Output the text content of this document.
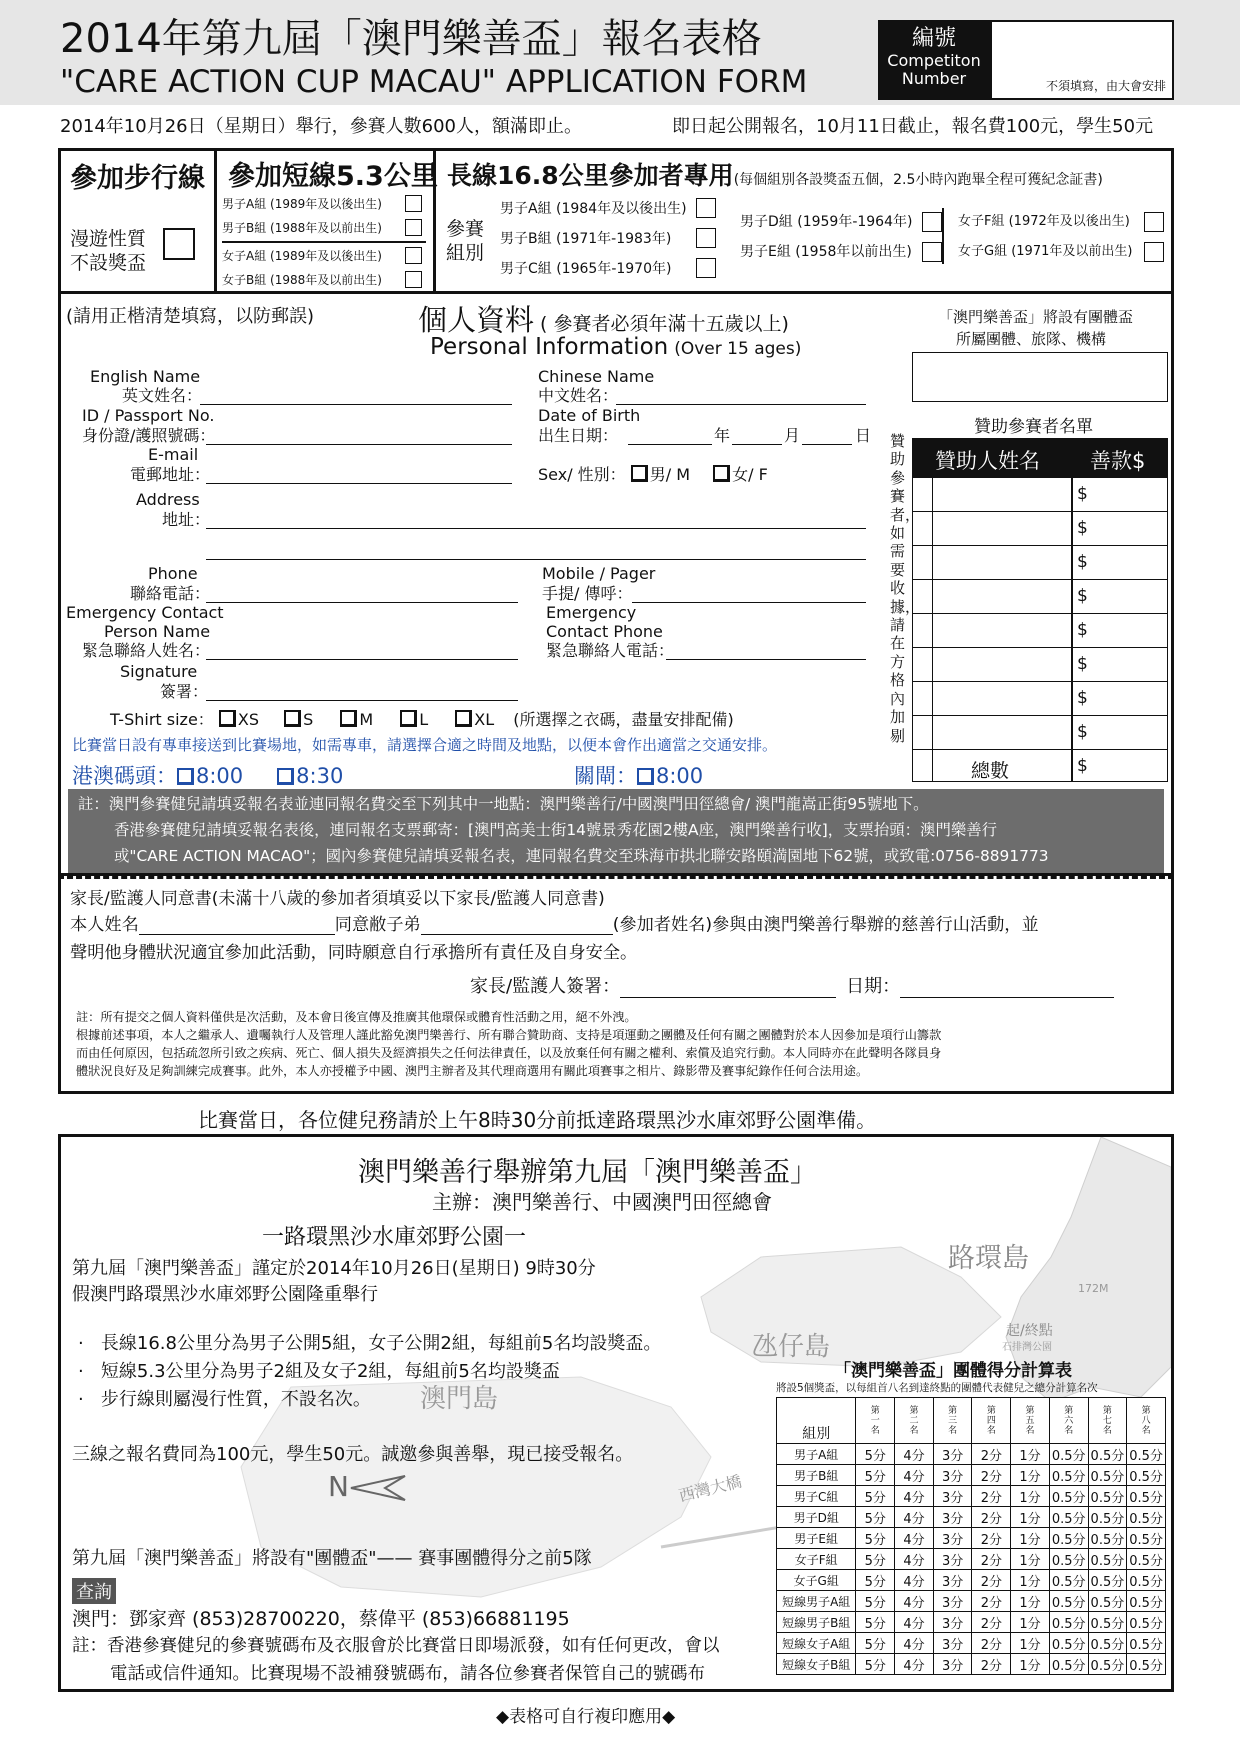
2014年第九屆「澳門樂善盃」報名表格
"CARE ACTION CUP MACAU" APPLICATION FORM
編號
Competiton
Number	不須填寫，由大會安排
2014年10月26日（星期日）舉行，參賽人數600人，額滿即止。	即日起公開報名，10月11日截止，報名費100元，學生50元
參加步行線
漫遊性質
不設獎盃
參加短線5.3公里
男子A組 (1989年及以後出生)
男子B組 (1988年及以前出生)
女子A組 (1989年及以後出生)
女子B組 (1988年及以前出生)
長線16.8公里參加者專用(每個組別各設獎盃五個，2.5小時內跑畢全程可獲紀念証書)
參賽
組別
男子A組 (1984年及以後出生)
男子B組 (1971年-1983年)
男子C組 (1965年-1970年)
男子D組 (1959年-1964年)
男子E組 (1958年以前出生)
女子F組 (1972年及以後出生)
女子G組 (1971年及以前出生)
(請用正楷清楚填寫，以防郵誤)	個人資料 ( 參賽者必須年滿十五歲以上)
Personal Information (Over 15 ages)
English Name
英文姓名：
ID / Passport No.
身份證/護照號碼：
E-mail
電郵地址：
Address
地址：
Phone
聯絡電話：
Emergency Contact
Person Name
緊急聯絡人姓名：
Signature
簽署：
Chinese Name
中文姓名：
Date of Birth
出生日期：	年	月	日
Sex/ 性別： 男/ M	女/ F
Mobile / Pager
手提/ 傳呼：
Emergency
Contact Phone
緊急聯絡人電話：
T-Shirt size： XS	S	M	L	XL (所選擇之衣碼，盡量安排配備)
比賽當日設有專車接送到比賽場地，如需專車，請選擇合適之時間及地點，以便本會作出適當之交通安排。
港澳碼頭： 8:00	8:30	關閘： 8:00
「澳門樂善盃」將設有團體盃
所屬團體、旅隊、機構
贊助參賽者名單
贊助參賽者，如需要收據，請在方格內加剔
贊助人姓名 善款$
$
$
$
$
$
$
$
$
$
總數
註：澳門參賽健兒請填妥報名表並連同報名費交至下列其中一地點：澳門樂善行/中國澳門田徑總會/ 澳門龍嵩正街95號地下。
香港參賽健兒請填妥報名表後，連同報名支票郵寄：[澳門高美士街14號景秀花園2樓A座，澳門樂善行收]，支票抬頭：澳門樂善行
或"CARE ACTION MACAO"；國內參賽健兒請填妥報名表，連同報名費交至珠海市拱北聯安路頤満園地下62號，或致電:0756-8891773
家長/監護人同意書(未滿十八歲的參加者須填妥以下家長/監護人同意書)
本人姓名	同意敝子弟	(參加者姓名)參與由澳門樂善行舉辦的慈善行山活動，並
聲明他身體狀況適宜參加此活動，同時願意自行承擔所有責任及自身安全。
家長/監護人簽署：	日期：
註：所有提交之個人資料僅供是次活動，及本會日後宣傳及推廣其他環保或體育性活動之用，絕不外洩。
根據前述事項，本人之繼承人、遺囑執行人及管理人謹此豁免澳門樂善行、所有聯合贊助商、支持是項運動之團體及任何有關之團體對於本人因參加是項行山籌款
而由任何原因，包括疏忽所引致之疾病、死亡、個人損失及經濟損失之任何法律責任，以及放棄任何有關之權利、索償及追究行動。本人同時亦在此聲明各隊員身
體狀況良好及足夠訓練完成賽事。此外，本人亦授權予中國、澳門主辦者及其代理商選用有關此項賽事之相片、錄影帶及賽事紀錄作任何合法用途。
比賽當日，各位健兒務請於上午8時30分前抵達路環黑沙水庫郊野公園準備。
路環島
172M
起/終點
石排灣公園
氹仔島
澳門島
西灣大橋
N
澳門樂善行舉辦第九屆「澳門樂善盃」
主辦：澳門樂善行、中國澳門田徑總會
一路環黑沙水庫郊野公園一
第九屆「澳門樂善盃」謹定於2014年10月26日(星期日) 9時30分
假澳門路環黑沙水庫郊野公園隆重舉行
·   長線16.8公里分為男子公開5組，女子公開2組，每組前5名均設獎盃。
·   短線5.3公里分為男子2組及女子2組，每組前5名均設獎盃
·   步行線則屬漫行性質，不設名次。
三線之報名費同為100元，學生50元。誠邀參與善舉，現已接受報名。
第九屆「澳門樂善盃」將設有"團體盃"—— 賽事團體得分之前5隊
查詢
澳門：鄧家齊 (853)28700220，蔡偉平 (853)66881195
註：香港參賽健兒的參賽號碼布及衣服會於比賽當日即場派發，如有任何更改，會以
電話或信件通知。比賽現場不設補發號碼布，請各位參賽者保管自己的號碼布
「澳門樂善盃」團體得分計算表
將設5個獎盃，以每組首八名到達終點的團體代表健兒之總分計算名次
組別	第一名	第二名	第三名	第四名	第五名	第六名	第七名	第八名
男子A組	5分	4分	3分	2分	1分	0.5分	0.5分	0.5分
男子B組	5分	4分	3分	2分	1分	0.5分	0.5分	0.5分
男子C組	5分	4分	3分	2分	1分	0.5分	0.5分	0.5分
男子D組	5分	4分	3分	2分	1分	0.5分	0.5分	0.5分
男子E組	5分	4分	3分	2分	1分	0.5分	0.5分	0.5分
女子F組	5分	4分	3分	2分	1分	0.5分	0.5分	0.5分
女子G組	5分	4分	3分	2分	1分	0.5分	0.5分	0.5分
短線男子A組	5分	4分	3分	2分	1分	0.5分	0.5分	0.5分
短線男子B組	5分	4分	3分	2分	1分	0.5分	0.5分	0.5分
短線女子A組	5分	4分	3分	2分	1分	0.5分	0.5分	0.5分
短線女子B組	5分	4分	3分	2分	1分	0.5分	0.5分	0.5分
◆表格可自行複印應用◆
